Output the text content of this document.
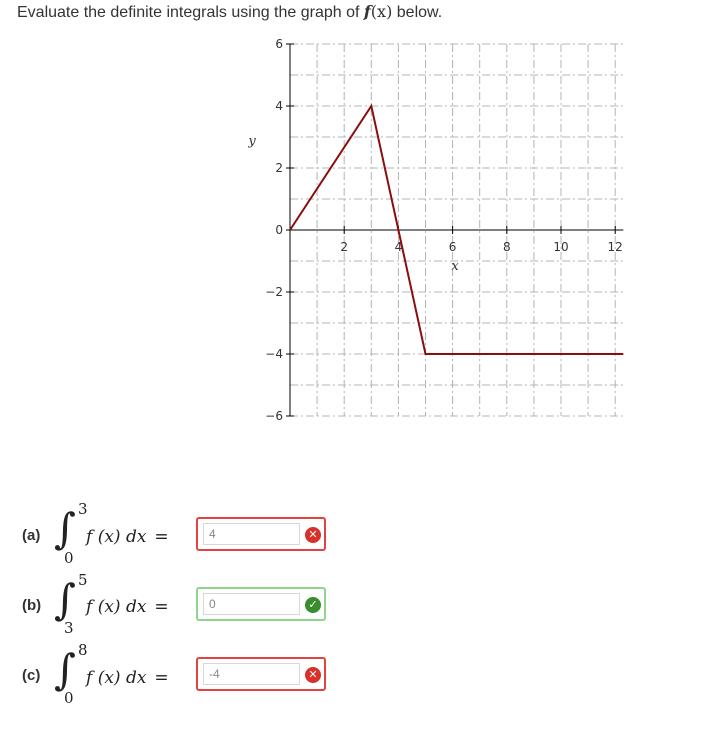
Evaluate the definite integrals using the graph of f(x) below.
2	4	6	8	10	12
6
4
2
0
−2
−4
−6
x
y
(a) ∫ 3
0
f (x) dx =
4	✕
(b) ∫ 5
3
f (x) dx =
0	✓
(c) ∫ 8
0
f (x) dx =
-4	✕
